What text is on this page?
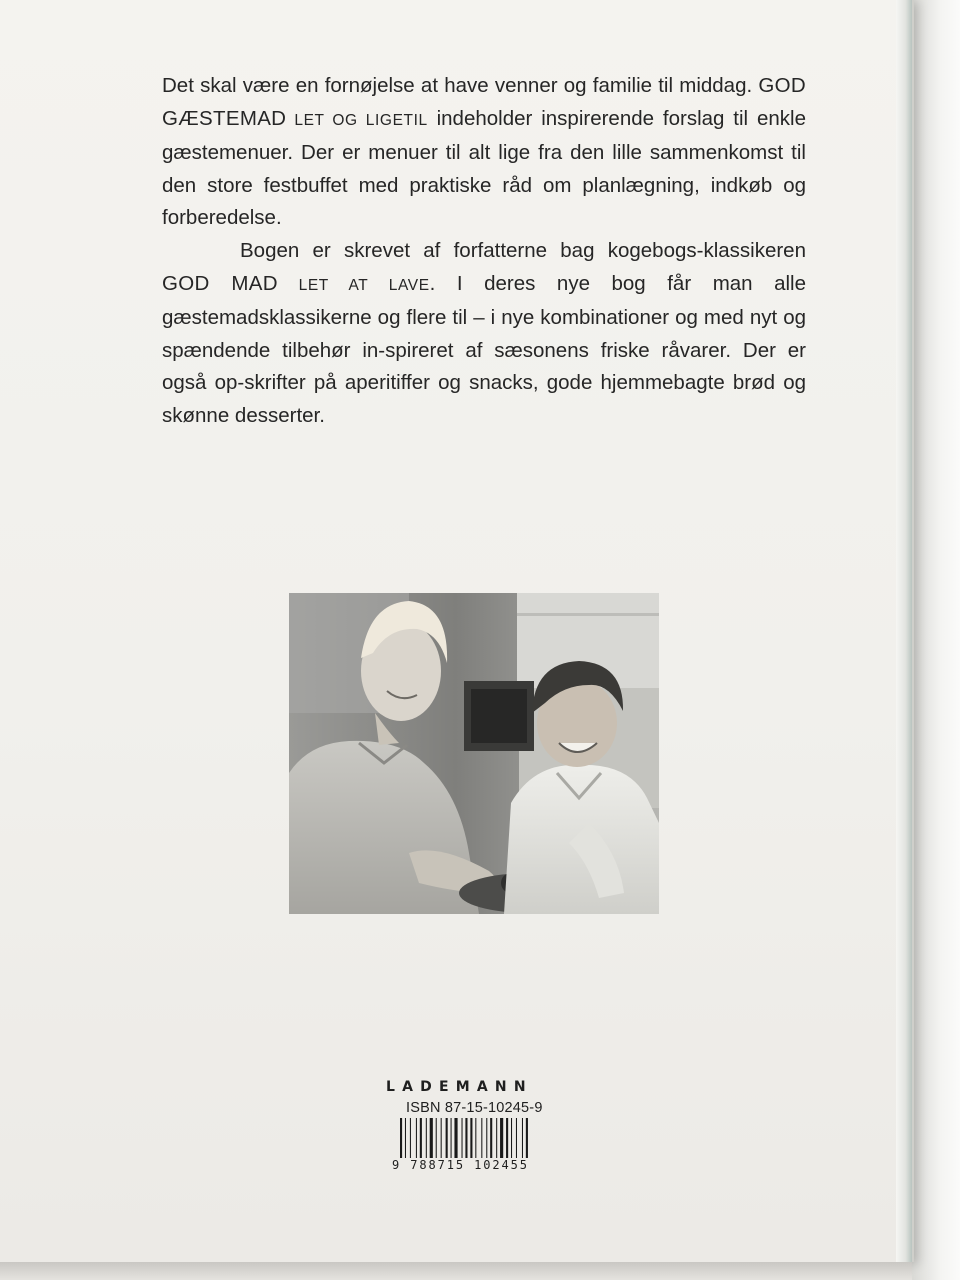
Det skal være en fornøjelse at have venner og familie til middag. GOD GÆSTEMAD LET OG LIGETIL indeholder inspirerende forslag til enkle gæstemenuer. Der er menuer til alt lige fra den lille sammenkomst til den store festbuffet med praktiske råd om planlægning, indkøb og forberedelse.

Bogen er skrevet af forfatterne bag kogebogs-klassikeren GOD MAD LET AT LAVE. I deres nye bog får man alle gæstemadsklassikerne og flere til – i nye kombinationer og med nyt og spændende tilbehør in-spireret af sæsonens friske råvarer. Der er også op-skrifter på aperitiffer og snacks, gode hjemmebagte brød og skønne desserter.

LADEMANN
ISBN 87-15-10245-9
9 788715 102455
